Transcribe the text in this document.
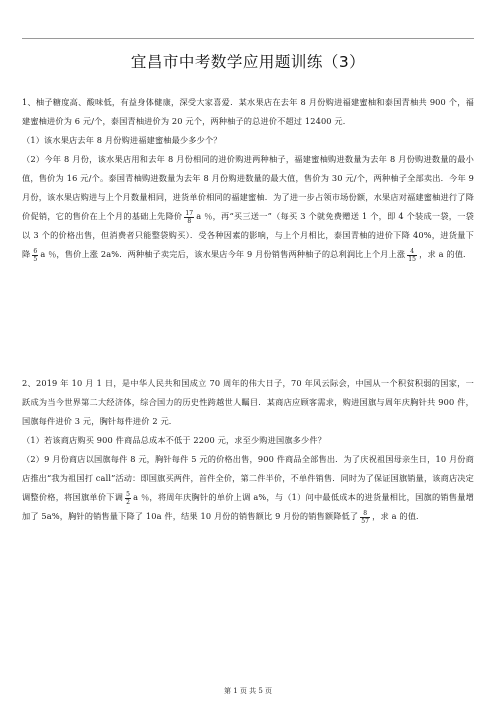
宜昌市中考数学应用题训练（3）
1、柚子糖度高、酸味低，有益身体健康，深受大家喜爱．某水果店在去年 8 月份购进福建蜜柚和泰国青柚共 900 个，福建蜜柚进价为 6 元/个，泰国青柚进价为 20 元个，两种柚子的总进价不超过 12400 元．
（1）该水果店去年 8 月份购进福建蜜柚最少多少个？
（2）今年 8 月份，该水果店用和去年 8 月份相同的进价购进两种柚子，福建蜜柚购进数量为去年 8 月份购进数量的最小值，售价为 16 元/个。泰国青柚购进数量为去年 8 月份购进数量的最大值，售价为 30 元/个，两种柚子全部卖出．今年 9 月份，该水果店购进与上个月数量相同，进货单价相同的福建蜜柚．为了进一步占领市场份额，水果店对福建蜜柚进行了降价促销，它的售价在上个月的基础上先降价 $\frac{17}{8}$ a ％，再“买三送一”（每买 3 个就免费赠送 1 个，即 4 个装成一袋，一袋以 3 个的价格出售，但消费者只能整袋购买）．受各种因素的影响，与上个月相比，泰国青柚的进价下降 40%，进货量下降 $\frac{6}{5}$ a ％，售价上涨 2a%．两种柚子卖完后，该水果店今年 9 月份销售两种柚子的总利润比上个月上涨 $\frac{4}{15}$ ，求 a 的值．
2、2019 年 10 月 1 日，是中华人民共和国成立 70 周年的伟大日子，70 年风云际会，中国从一个积贫积弱的国家，一跃成为当今世界第二大经济体，综合国力的历史性跨越世人瞩目．某商店应顾客需求，购进国旗与周年庆胸针共 900 件，国旗每件进价 3 元，胸针每件进价 2 元．
（1）若该商店购买 900 件商品总成本不低于 2200 元，求至少购进国旗多少件？
（2）9 月份商店以国旗每件 8 元，胸针每件 5 元的价格出售，900 件商品全部售出．为了庆祝祖国母亲生日，10 月份商店推出“我为祖国打 call”活动：即国旗买两件，首件全价，第二件半价，不单件销售．同时为了保证国旗销量，该商店决定调整价格，将国旗单价下调 $\frac{5}{2}$ a ％，将周年庆胸针的单价上调 a%，与（1）问中最低成本的进货量相比，国旗的销售量增加了 5a%，胸针的销售量下降了 10a 件，结果 10 月份的销售额比 9 月份的销售额降低了 $\frac{8}{57}$ ，求 a 的值．
第 1 页 共 5 页
